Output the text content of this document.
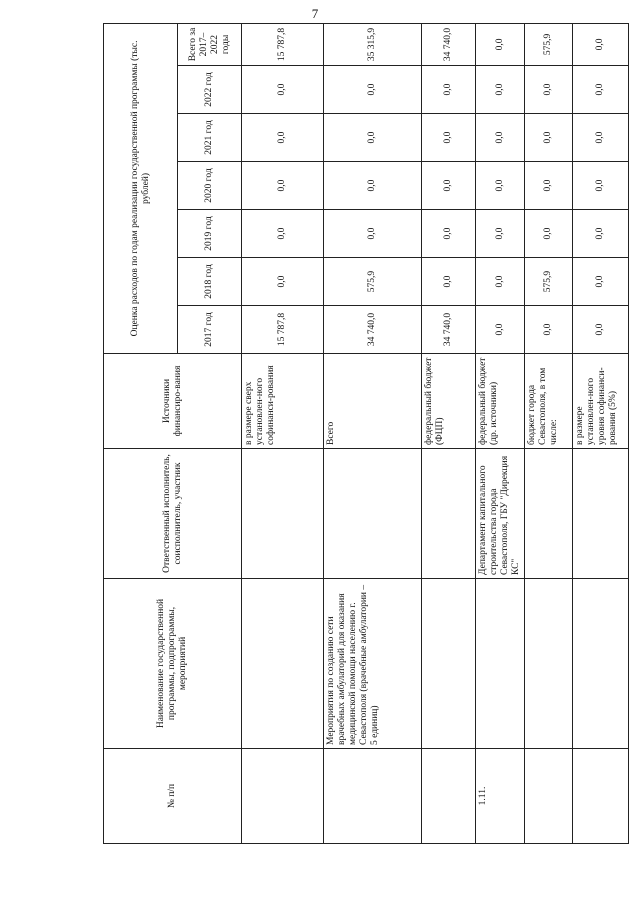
7
№ п/п	Наименование государственной программы, подпрограммы, мероприятий	Ответственный исполнитель, соисполнитель, участник	Источники финансиро-вания	Оценка расходов по годам реализации государственной программы (тыс. рублей)						
				2017 год	2018 год	2019 год	2020 год	2021 год	2022 год	Всего за 2017–2022 годы
			в размере сверх установлен-ного софинанси-рования	15 787,8	0,0	0,0	0,0	0,0	0,0	15 787,8
	Мероприятия по созданию сети врачебных амбулаторий для оказания медицинской помощи населению г. Севастополя (врачебные амбулатории – 5 единиц)		Всего	34 740,0	575,9	0,0	0,0	0,0	0,0	35 315,9
			федеральный бюджет (ФЦП)	34 740,0	0,0	0,0	0,0	0,0	0,0	34 740,0
1.11.		Департамент капитального строительства города Севастополя, ГБУ "Дирекция КС"	федеральный бюджет (др. источники)	0,0	0,0	0,0	0,0	0,0	0,0	0,0
			бюджет города Севастополя, в том числе:	0,0	575,9	0,0	0,0	0,0	0,0	575,9
			в размере установлен-ного уровня софинанси-рования (5%)	0,0	0,0	0,0	0,0	0,0	0,0	0,0
